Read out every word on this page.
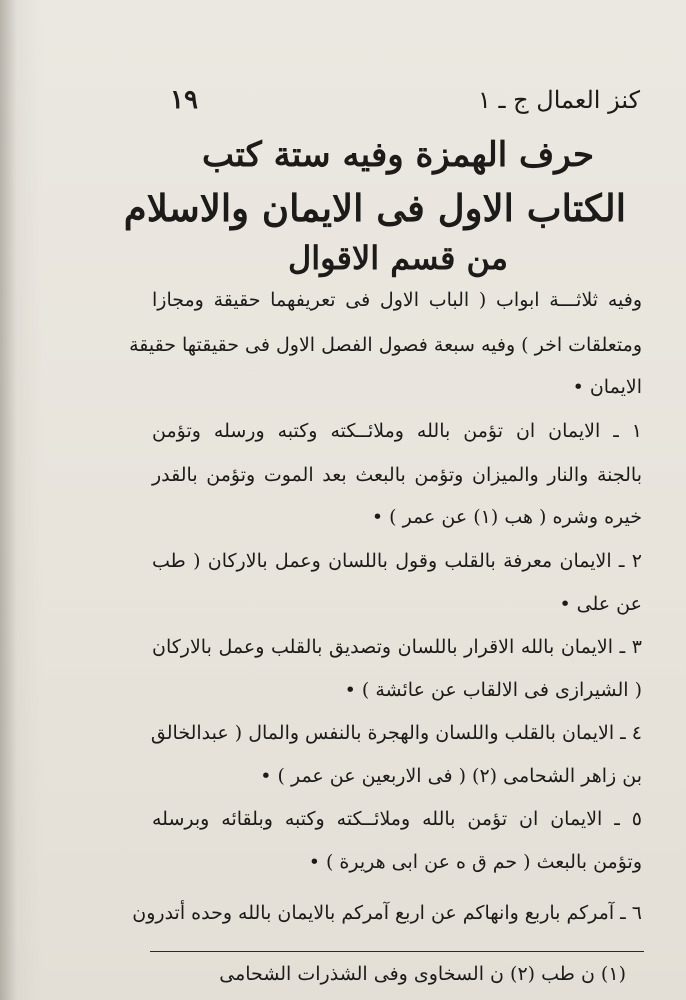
كنز العمال ج ـ ١
١٩
حرف الهمزة وفيه ستة كتب
الكتاب الاول فى الايمان والاسلام
من قسم الاقوال
وفيه ثلاثـــة ابواب ( الباب الاول فى تعريفهما حقيقة ومجازا
ومتعلقات اخر ) وفيه سبعة فصول الفصل الاول فى حقيقتها حقيقة
الايمان •
١ ـ الايمان ان تؤمن بالله وملائــكته وكتبه ورسله وتؤمن
بالجنة والنار والميزان وتؤمن بالبعث بعد الموت وتؤمن بالقدر
خيره وشره ( هب (١) عن عمر ) •
٢ ـ الايمان معرفة بالقلب وقول باللسان وعمل بالاركان ( طب
عن على •
٣ ـ الايمان بالله الاقرار باللسان وتصديق بالقلب وعمل بالاركان
( الشيرازى فى الالقاب عن عائشة ) •
٤ ـ الايمان بالقلب واللسان والهجرة بالنفس والمال ( عبدالخالق
بن زاهر الشحامى (٢) ( فى الاربعين عن عمر ) •
٥ ـ الايمان ان تؤمن بالله وملائــكته وكتبه وبلقائه وبرسله
وتؤمن بالبعث ( حم ق ه عن ابى هريرة ) •
٦ ـ آمركم باربع وانهاكم عن اربع آمركم بالايمان بالله وحده أتدرون
(١) ن طب (٢) ن السخاوى وفى الشذرات الشحامى
